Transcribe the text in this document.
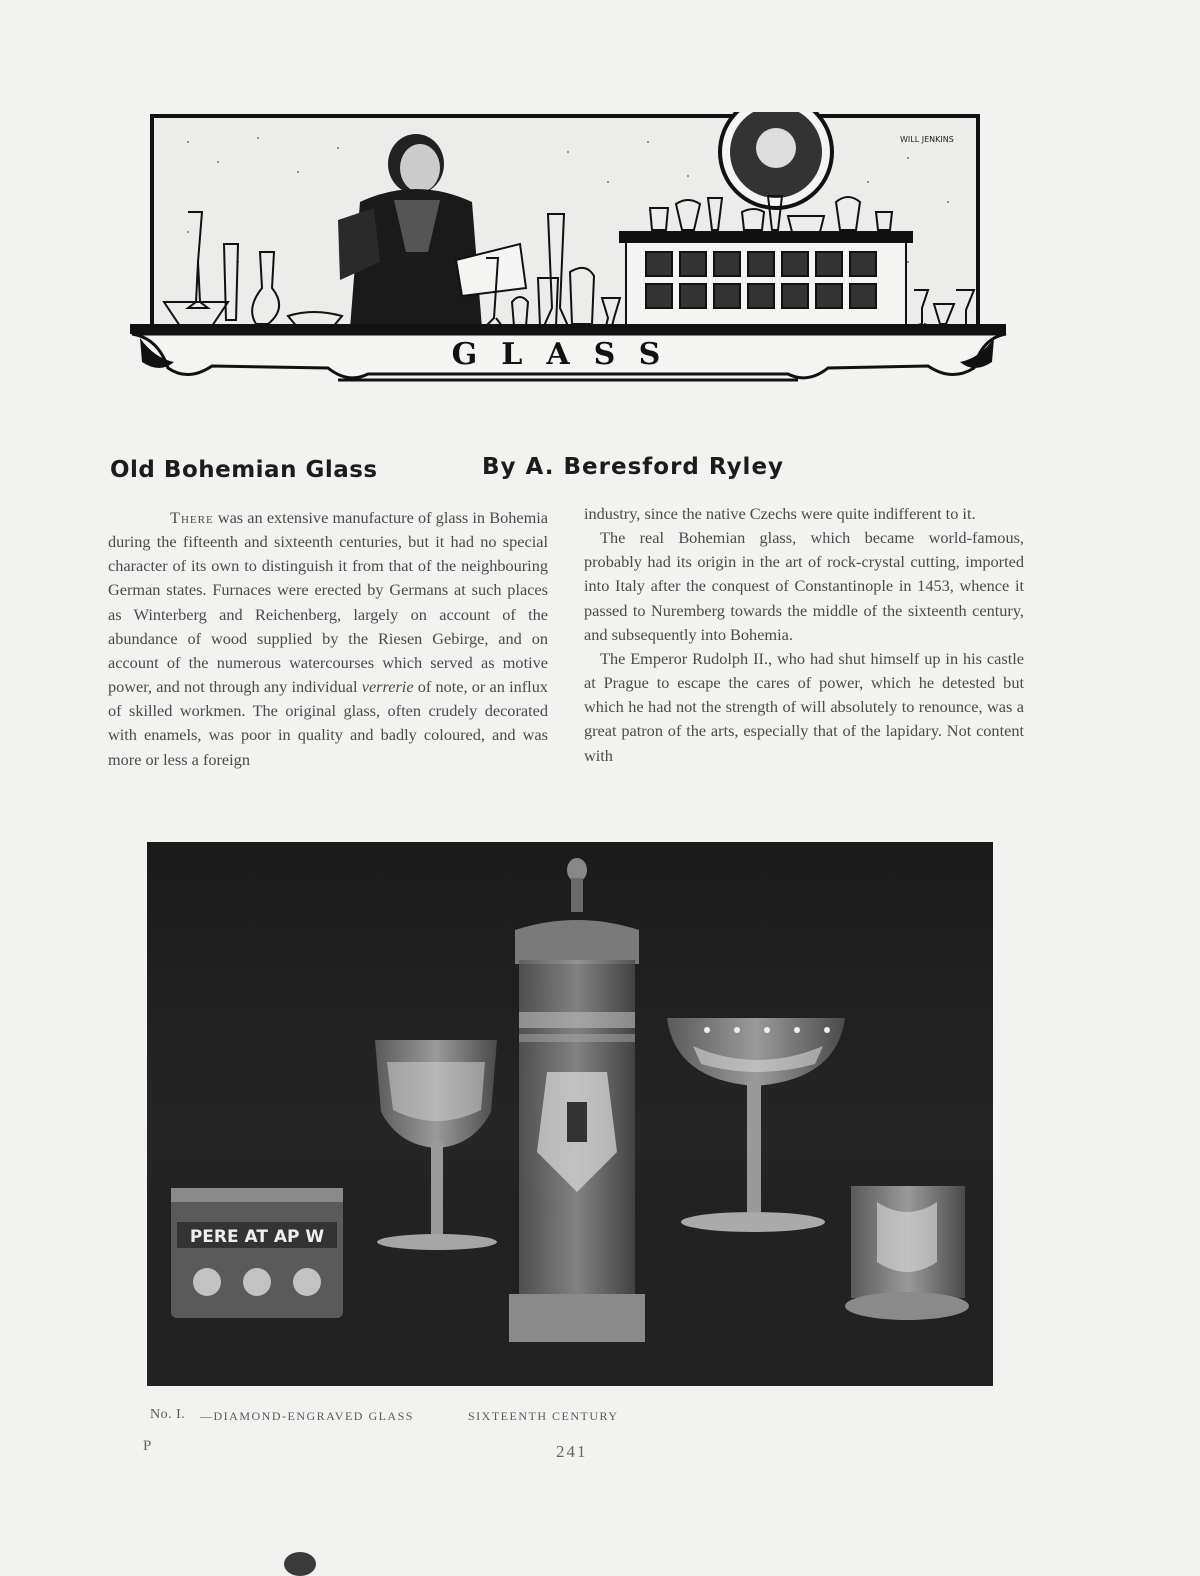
WILL JENKINS
GLASS
Old Bohemian Glass	By A. Beresford Ryley

There was an extensive manufacture of glass in Bohemia during the fifteenth and sixteenth centuries, but it had no special character of its own to distinguish it from that of the neighbouring German states. Furnaces were erected by Germans at such places as Winterberg and Reichenberg, largely on account of the abundance of wood supplied by the Riesen Gebirge, and on account of the numerous watercourses which served as motive power, and not through any individual verrerie of note, or an influx of skilled workmen. The original glass, often crudely decorated with enamels, was poor in quality and badly coloured, and was more or less a foreign

industry, since the native Czechs were quite indifferent to it.

The real Bohemian glass, which became world-famous, probably had its origin in the art of rock-crystal cutting, imported into Italy after the conquest of Constantinople in 1453, whence it passed to Nuremberg towards the middle of the sixteenth century, and subsequently into Bohemia.

The Emperor Rudolph II., who had shut himself up in his castle at Prague to escape the cares of power, which he detested but which he had not the strength of will absolutely to renounce, was a great patron of the arts, especially that of the lapidary. Not content with

PERE AT AP W
No. I. —DIAMOND-ENGRAVED GLASS	SIXTEENTH CENTURY
P	241
